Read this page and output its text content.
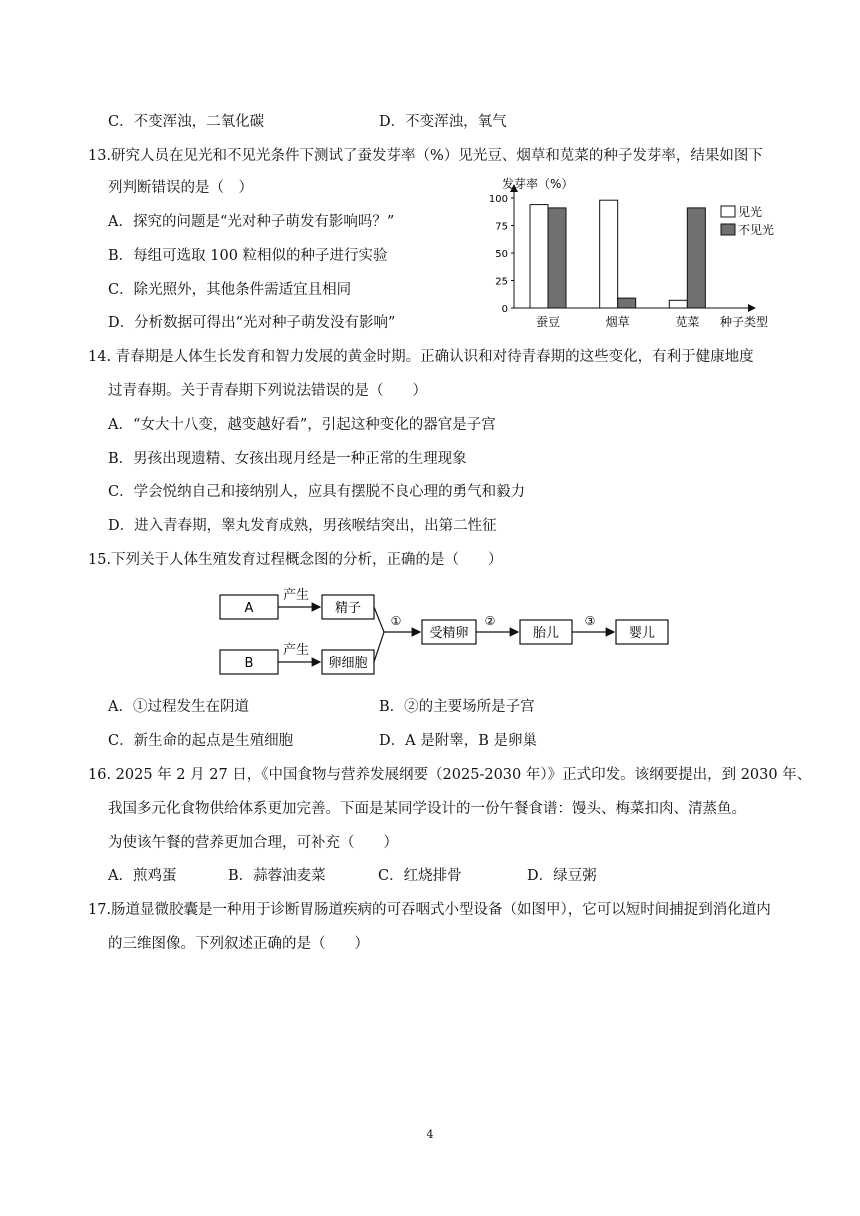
C．不变浑浊，二氧化碳	D．不变浑浊，氧气
13.研究人员在见光和不见光条件下测试了蚕发芽率（%）见光豆、烟草和苋菜的种子发芽率，结果如图下
列判断错误的是（　）
A．探究的问题是“光对种子萌发有影响吗？”
B．每组可选取 100 粒相似的种子进行实验
C．除光照外，其他条件需适宜且相同
D．分析数据可得出“光对种子萌发没有影响”
0
25
50
75
100
发芽率（%）
种子类型
蚕豆	烟草	苋菜
见光
不见光
14. 青春期是人体生长发育和智力发展的黄金时期。正确认识和对待青春期的这些变化，有利于健康地度
过青春期。关于青春期下列说法错误的是（　　）
A．“女大十八变，越变越好看”，引起这种变化的器官是子宫
B．男孩出现遗精、女孩出现月经是一种正常的生理现象
C．学会悦纳自己和接纳别人，应具有摆脱不良心理的勇气和毅力
D．进入青春期，睾丸发育成熟，男孩喉结突出，出第二性征
15.下列关于人体生殖发育过程概念图的分析，正确的是（　　）
A
B
产生
产生
精子
卵细胞
①
受精卵
②
胎儿
③
婴儿
A．①过程发生在阴道	B．②的主要场所是子宫
C．新生命的起点是生殖细胞	D．A 是附睾，B 是卵巢
16. 2025 年 2 月 27 日，《中国食物与营养发展纲要（2025-2030 年）》正式印发。该纲要提出，到 2030 年、
我国多元化食物供给体系更加完善。下面是某同学设计的一份午餐食谱：馒头、梅菜扣肉、清蒸鱼。
为使该午餐的营养更加合理，可补充（　　）
A．煎鸡蛋	B．蒜蓉油麦菜	C．红烧排骨	D．绿豆粥
17.肠道显微胶囊是一种用于诊断胃肠道疾病的可吞咽式小型设备（如图甲），它可以短时间捕捉到消化道内
的三维图像。下列叙述正确的是（　　）
4
